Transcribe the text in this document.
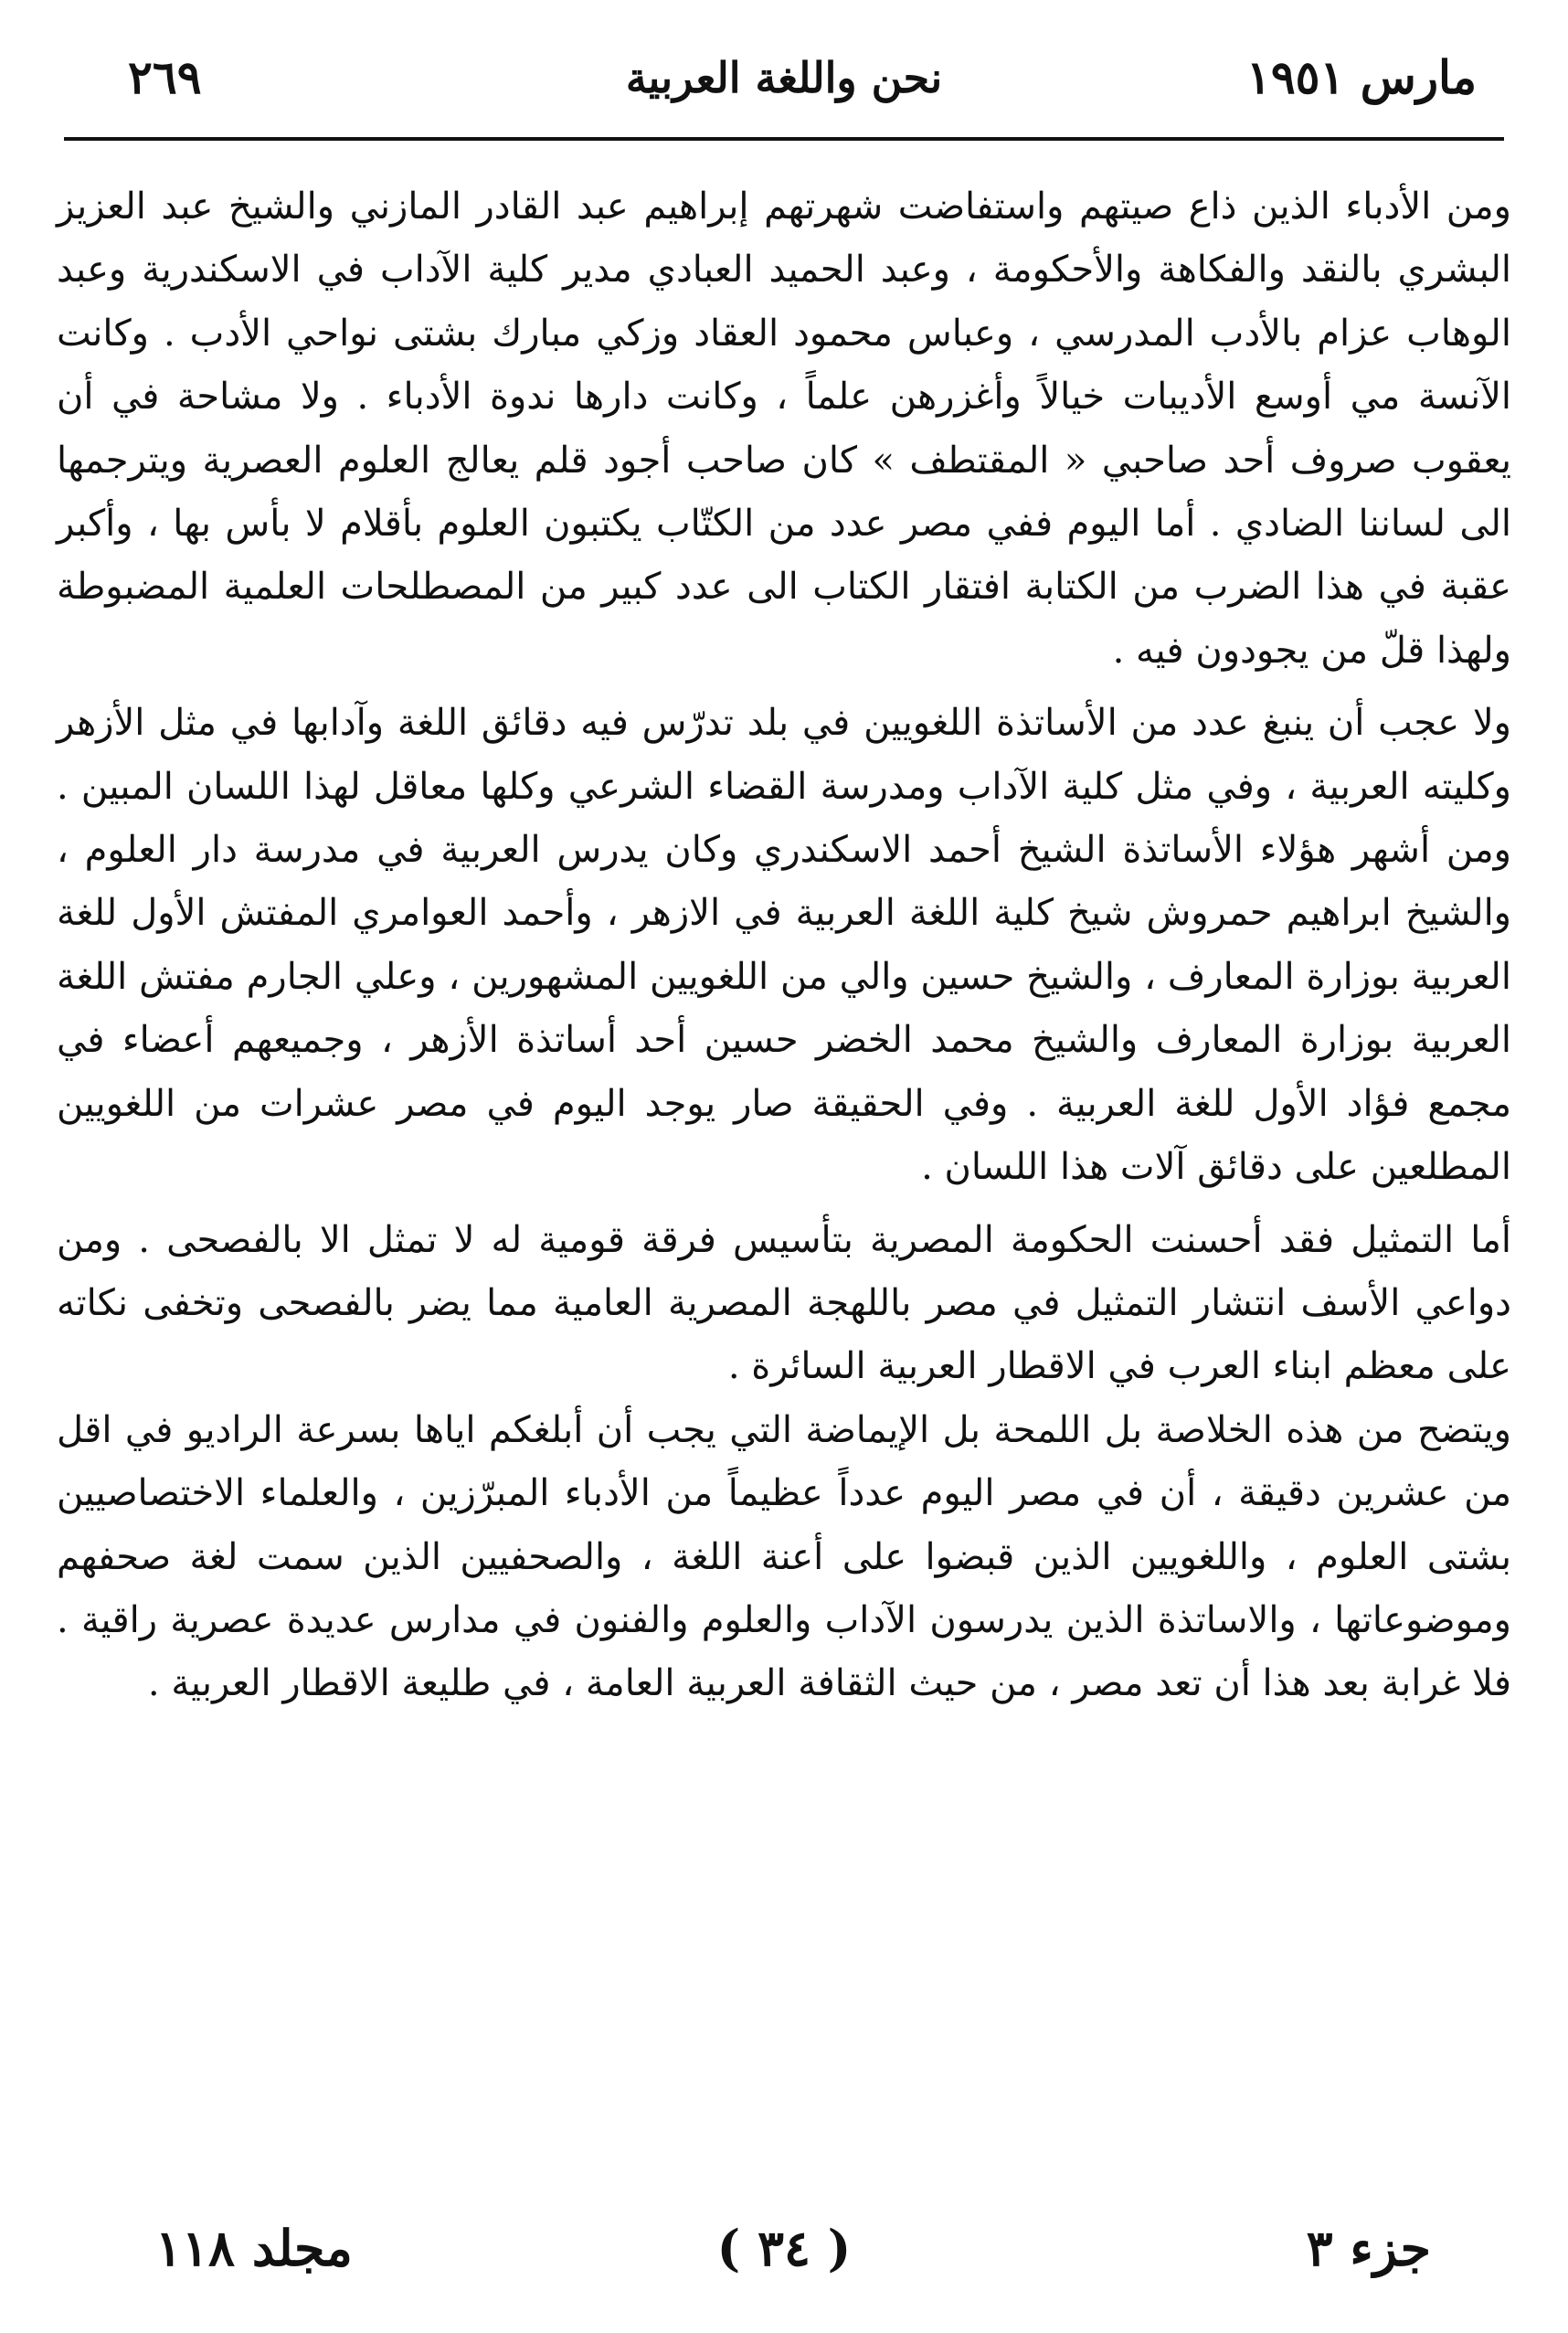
نحن واللغة العربية
٢٦٩	مارس ١٩٥١

ومن الأدباء الذين ذاع صيتهم واستفاضت شهرتهم إبراهيم عبد القادر المازني والشيخ عبد العزيز البشري بالنقد والفكاهة والأحكومة ، وعبد الحميد العبادي مدير كلية الآداب في الاسكندرية وعبد الوهاب عزام بالأدب المدرسي ، وعباس محمود العقاد وزكي مبارك بشتى نواحي الأدب . وكانت الآنسة مي أوسع الأديبات خيالاً وأغزرهن علماً ، وكانت دارها ندوة الأدباء . ولا مشاحة في أن يعقوب صروف أحد صاحبي « المقتطف » كان صاحب أجود قلم يعالج العلوم العصرية ويترجمها الى لساننا الضادي . أما اليوم ففي مصر عدد من الكتّاب يكتبون العلوم بأقلام لا بأس بها ، وأكبر عقبة في هذا الضرب من الكتابة افتقار الكتاب الى عدد كبير من المصطلحات العلمية المضبوطة ولهذا قلّ من يجودون فيه .

ولا عجب أن ينبغ عدد من الأساتذة اللغويين في بلد تدرّس فيه دقائق اللغة وآدابها في مثل الأزهر وكليته العربية ، وفي مثل كلية الآداب ومدرسة القضاء الشرعي وكلها معاقل لهذا اللسان المبين . ومن أشهر هؤلاء الأساتذة الشيخ أحمد الاسكندري وكان يدرس العربية في مدرسة دار العلوم ، والشيخ ابراهيم حمروش شيخ كلية اللغة العربية في الازهر ، وأحمد العوامري المفتش الأول للغة العربية بوزارة المعارف ، والشيخ حسين والي من اللغويين المشهورين ، وعلي الجارم مفتش اللغة العربية بوزارة المعارف والشيخ محمد الخضر حسين أحد أساتذة الأزهر ، وجميعهم أعضاء في مجمع فؤاد الأول للغة العربية . وفي الحقيقة صار يوجد اليوم في مصر عشرات من اللغويين المطلعين على دقائق آلات هذا اللسان .

أما التمثيل فقد أحسنت الحكومة المصرية بتأسيس فرقة قومية له لا تمثل الا بالفصحى . ومن دواعي الأسف انتشار التمثيل في مصر باللهجة المصرية العامية مما يضر بالفصحى وتخفى نكاته على معظم ابناء العرب في الاقطار العربية السائرة .

ويتضح من هذه الخلاصة بل اللمحة بل الإيماضة التي يجب أن أبلغكم اياها بسرعة الراديو في اقل من عشرين دقيقة ، أن في مصر اليوم عدداً عظيماً من الأدباء المبرّزين ، والعلماء الاختصاصيين بشتى العلوم ، واللغويين الذين قبضوا على أعنة اللغة ، والصحفيين الذين سمت لغة صحفهم وموضوعاتها ، والاساتذة الذين يدرسون الآداب والعلوم والفنون في مدارس عديدة عصرية راقية . فلا غرابة بعد هذا أن تعد مصر ، من حيث الثقافة العربية العامة ، في طليعة الاقطار العربية .

( ٣٤ )
مجلد ١١٨	جزء ٣
